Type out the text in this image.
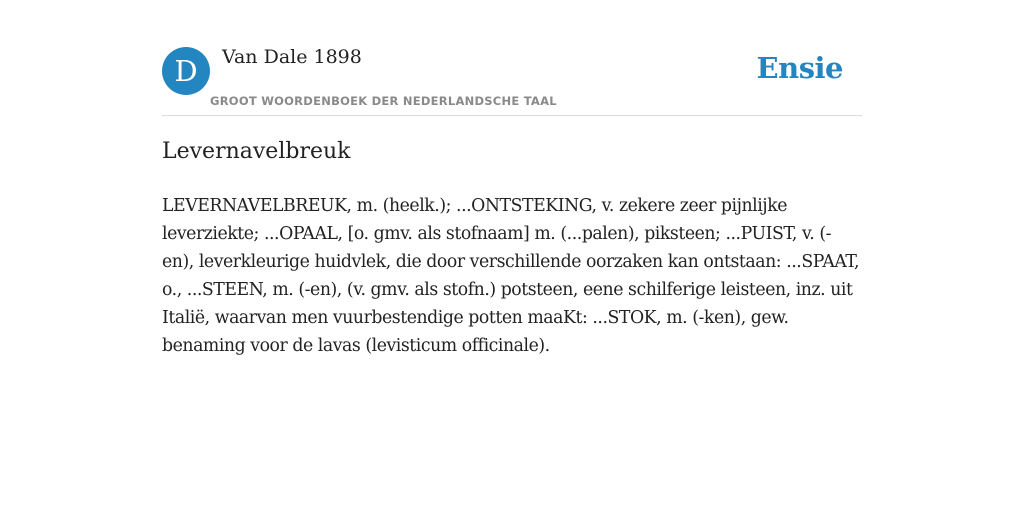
D	Van Dale 1898
GROOT WOORDENBOEK DER NEDERLANDSCHE TAAL
Ensie
Levernavelbreuk

LEVERNAVELBREUK, m. (heelk.); ...ONTSTEKING, v. zekere zeer pijnlijke leverziekte; ...OPAAL, [o. gmv. als stofnaam] m. (...palen), piksteen; ...PUIST, v. (-en), leverkleurige huidvlek, die door verschillende oorzaken kan ontstaan: ...SPAAT, o., ...STEEN, m. (-en), (v. gmv. als stofn.) potsteen, eene schilferige leisteen, inz. uit Italië, waarvan men vuurbestendige potten maaKt: ...STOK, m. (-ken), gew. benaming voor de lavas (levisticum officinale).
